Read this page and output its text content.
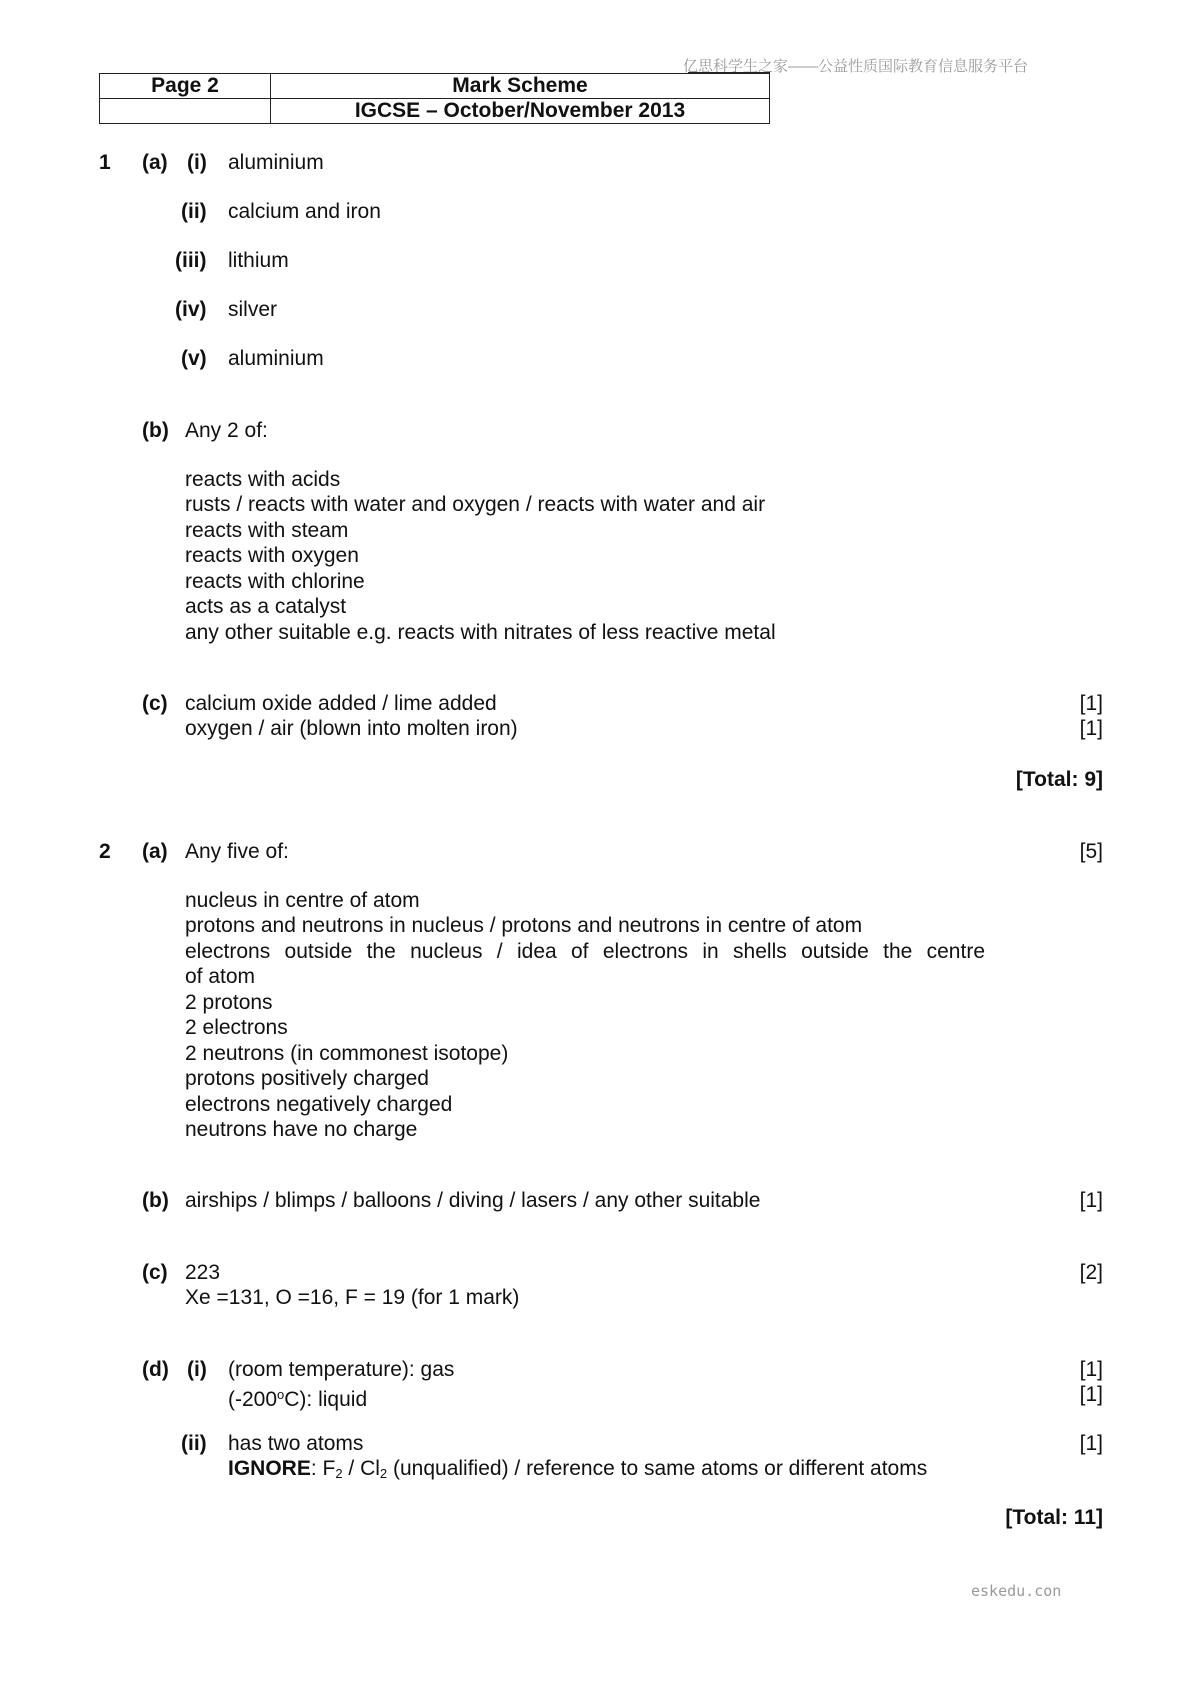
亿思科学生之家——公益性质国际教育信息服务平台
eskedu.con
Page 2	Mark Scheme
	IGCSE – October/November 2013
1 (a) (i) aluminium
(ii) calcium and iron
(iii) lithium
(iv) silver
(v) aluminium
(b) Any 2 of:
reacts with acids
rusts / reacts with water and oxygen / reacts with water and air
reacts with steam
reacts with oxygen
reacts with chlorine
acts as a catalyst
any other suitable e.g. reacts with nitrates of less reactive metal
(c) calcium oxide added / lime added	[1]
oxygen / air (blown into molten iron)	[1]
[Total: 9]
2 (a) Any five of:	[5]
nucleus in centre of atom
protons and neutrons in nucleus / protons and neutrons in centre of atom
electrons outside the nucleus / idea of electrons in shells outside the centre
of atom
2 protons
2 electrons
2 neutrons (in commonest isotope)
protons positively charged
electrons negatively charged
neutrons have no charge
(b) airships / blimps / balloons / diving / lasers / any other suitable	[1]
(c) 223	[2]
Xe =131, O =16, F = 19 (for 1 mark)
(d) (i) (room temperature): gas	[1]
(-200$^o$C): liquid	[1]
(ii) has two atoms	[1]
IGNORE: $F_2 / Cl_2$ (unqualified) / reference to same atoms or different atoms
[Total: 11]
